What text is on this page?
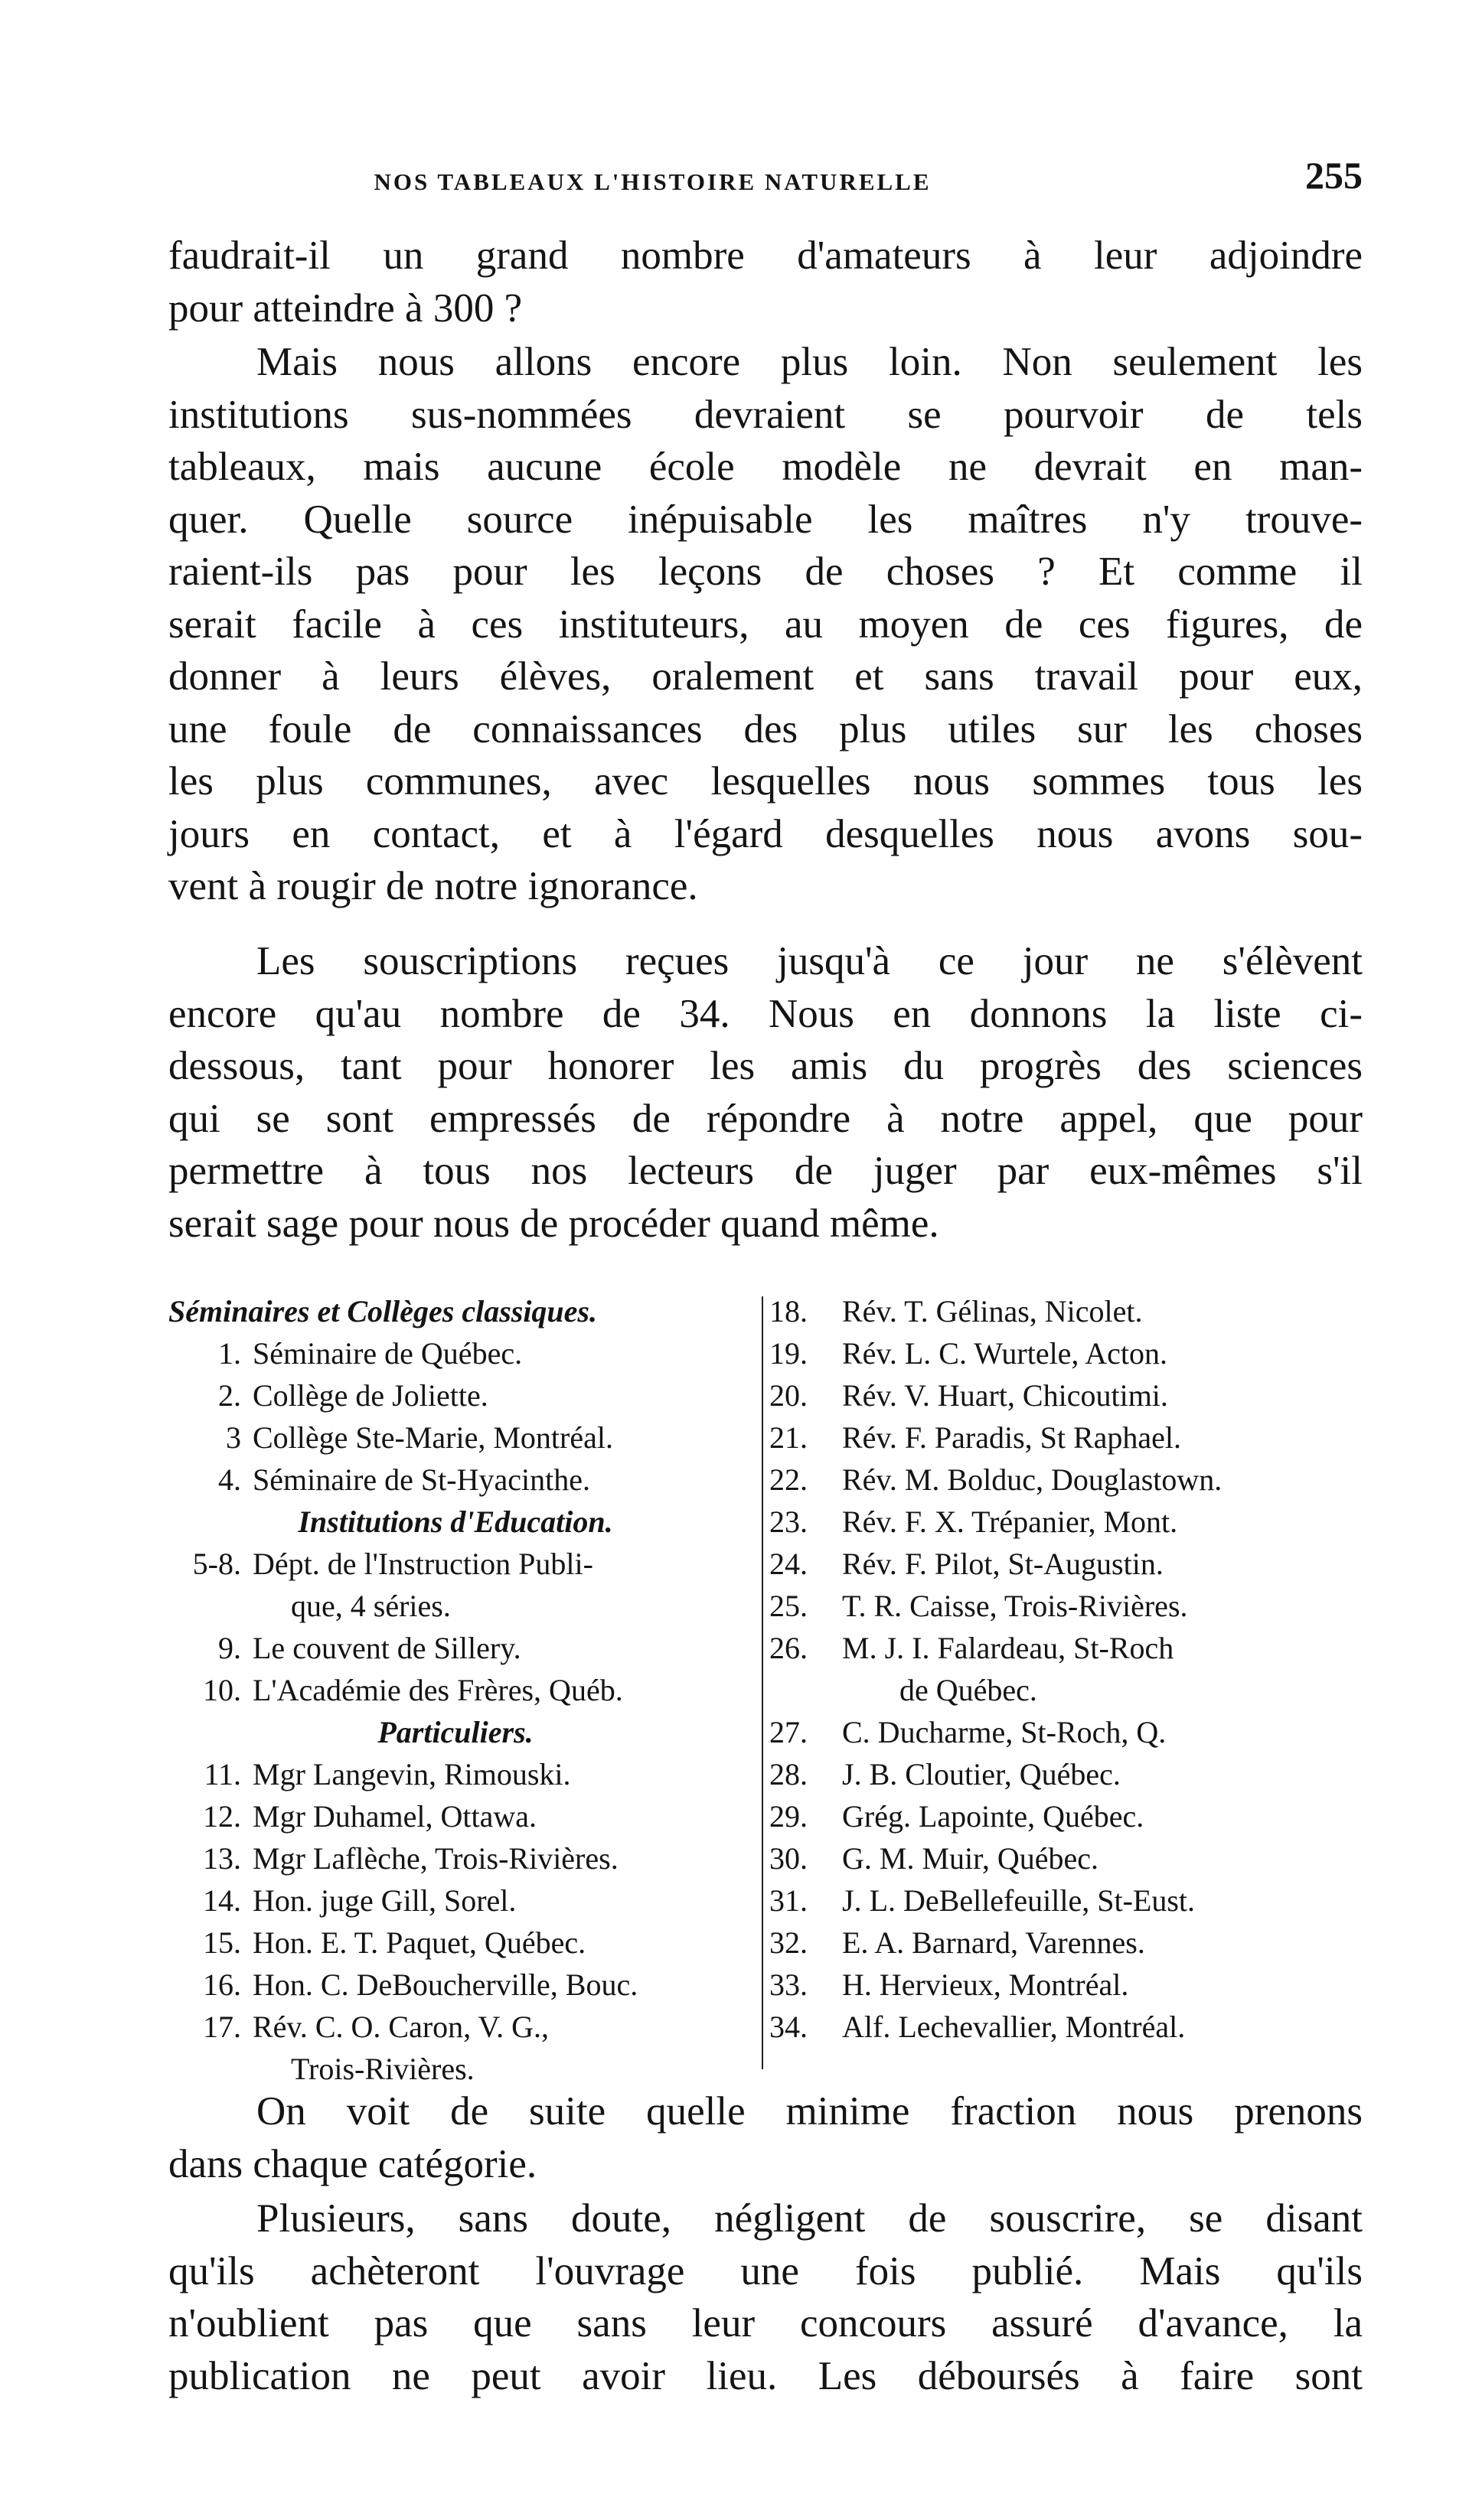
NOS TABLEAUX L'HISTOIRE NATURELLE	255
faudrait-il un grand nombre d'amateurs à leur adjoindre
pour atteindre à 300 ?
Mais nous allons encore plus loin. Non seulement les
institutions sus-nommées devraient se pourvoir de tels
tableaux, mais aucune école modèle ne devrait en man-
quer. Quelle source inépuisable les maîtres n'y trouve-
raient-ils pas pour les leçons de choses ? Et comme il
serait facile à ces instituteurs, au moyen de ces figures, de
donner à leurs élèves, oralement et sans travail pour eux,
une foule de connaissances des plus utiles sur les choses
les plus communes, avec lesquelles nous sommes tous les
jours en contact, et à l'égard desquelles nous avons sou-
vent à rougir de notre ignorance.
Les souscriptions reçues jusqu'à ce jour ne s'élèvent
encore qu'au nombre de 34. Nous en donnons la liste ci-
dessous, tant pour honorer les amis du progrès des sciences
qui se sont empressés de répondre à notre appel, que pour
permettre à tous nos lecteurs de juger par eux-mêmes s'il
serait sage pour nous de procéder quand même.
Séminaires et Collèges classiques.
1. Séminaire de Québec.
2. Collège de Joliette.
3 Collège Ste-Marie, Montréal.
4. Séminaire de St-Hyacinthe.
Institutions d'Education.
5-8. Dépt. de l'Instruction Publi-
que, 4 séries.
9. Le couvent de Sillery.
10. L'Académie des Frères, Québ.
Particuliers.
11. Mgr Langevin, Rimouski.
12. Mgr Duhamel, Ottawa.
13. Mgr Laflèche, Trois-Rivières.
14. Hon. juge Gill, Sorel.
15. Hon. E. T. Paquet, Québec.
16. Hon. C. DeBoucherville, Bouc.
17. Rév. C. O. Caron, V. G.,
Trois-Rivières.
18.	Rév. T. Gélinas, Nicolet.
19.	Rév. L. C. Wurtele, Acton.
20.	Rév. V. Huart, Chicoutimi.
21.	Rév. F. Paradis, St Raphael.
22.	Rév. M. Bolduc, Douglastown.
23.	Rév. F. X. Trépanier, Mont.
24.	Rév. F. Pilot, St-Augustin.
25.	T. R. Caisse, Trois-Rivières.
26.	M. J. I. Falardeau, St-Roch
de Québec.
27.	C. Ducharme, St-Roch, Q.
28.	J. B. Cloutier, Québec.
29.	Grég. Lapointe, Québec.
30.	G. M. Muir, Québec.
31.	J. L. DeBellefeuille, St-Eust.
32.	E. A. Barnard, Varennes.
33.	H. Hervieux, Montréal.
34.	Alf. Lechevallier, Montréal.
On voit de suite quelle minime fraction nous prenons
dans chaque catégorie.
Plusieurs, sans doute, négligent de souscrire, se disant
qu'ils achèteront l'ouvrage une fois publié. Mais qu'ils
n'oublient pas que sans leur concours assuré d'avance, la
publication ne peut avoir lieu. Les déboursés à faire sont
